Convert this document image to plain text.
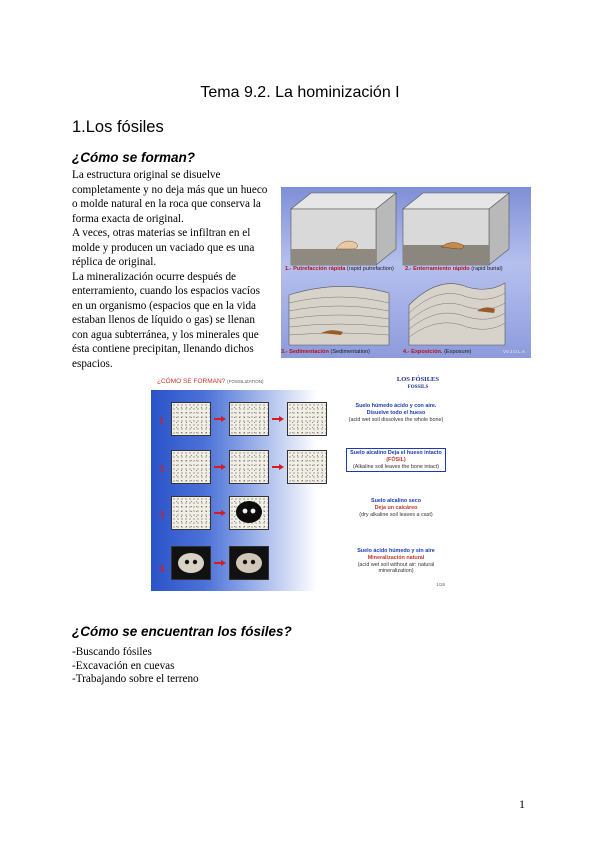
Tema 9.2. La hominización I
1.Los fósiles
¿Cómo se forman?

La estructura original se disuelve completamente y no deja más que un hueco o molde natural en la roca que conserva la forma exacta de original.

A veces, otras materias se infiltran en el molde y producen un vaciado que es una réplica de original.

La mineralización ocurre después de enterramiento, cuando los espacios vacíos en un organismo (espacios que en la vida estaban llenos de líquido o gas) se llenan con agua subterránea, y los minerales que ésta contiene precipitan, llenando dichos espacios.

1.- Putrefacción rápida (rapid putrefaction) 2.- Enterramiento rápido (rapid burial)
3.- Sedimentación (Sedimentation)	4.- Exposición. (Exposure)	VV.J.O.L.A.
¿CÓMO SE FORMAN? (FOSSILIZATION)	LOS FÓSILES
FOSSILS
1
Suelo húmedo ácido y con aire.
Disuelve todo el hueso
(acid wet soil dissolves the whole bone)
2
Suelo alcalino Deja el hueso intacto
(FÓSIL)
(Alkaline soil leaves the bone intact)
3
Suelo alcalino seco
Deja un calcáreo
(dry alkaline soil leaves a cast)
4
Suelo ácido húmedo y sin aire
Mineralización natural
(acid wet soil without air: natural mineralization)
1/26
¿Cómo se encuentran los fósiles?
-Buscando fósiles
-Excavación en cuevas
-Trabajando sobre el terreno
1
